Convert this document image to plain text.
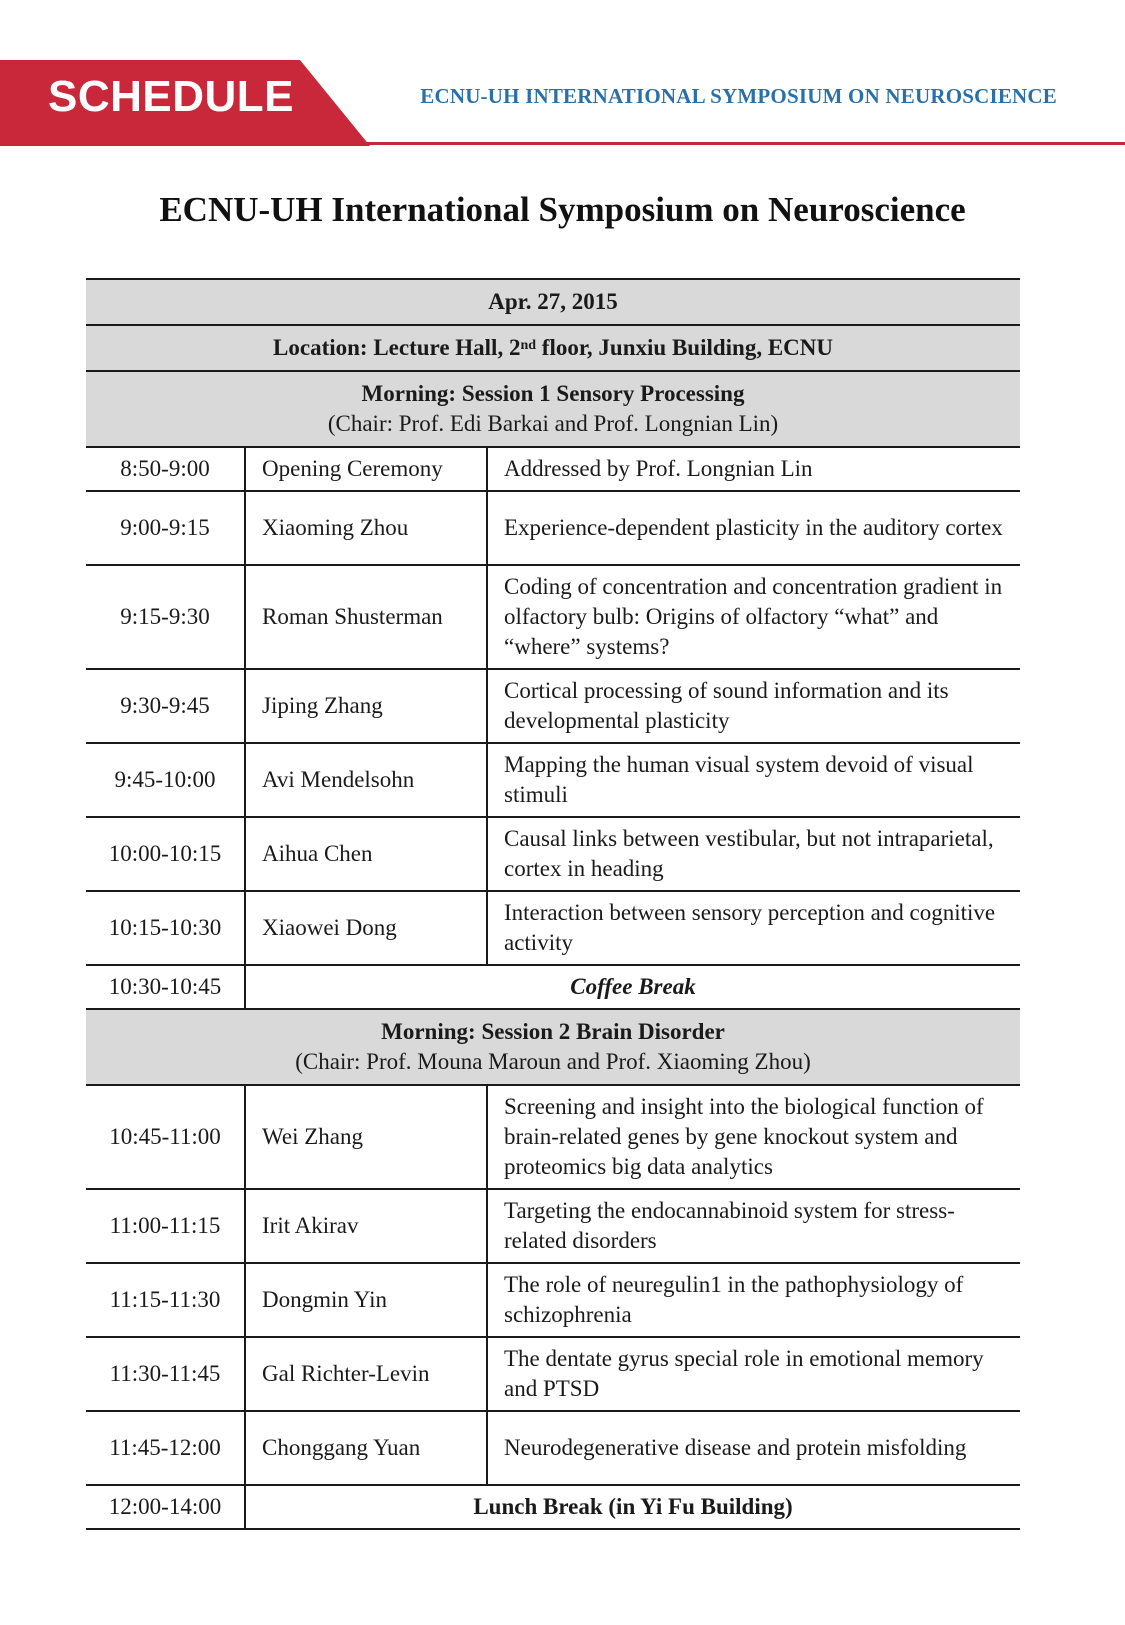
SCHEDULE	ECNU-UH INTERNATIONAL SYMPOSIUM ON NEUROSCIENCE
ECNU-UH International Symposium on Neuroscience
Apr. 27, 2015		
Location: Lecture Hall, 2nd floor, Junxiu Building, ECNU		

Morning: Session 1 Sensory Processing
(Chair: Prof. Edi Barkai and Prof. Longnian Lin)		

8:50-9:00	Opening Ceremony	Addressed by Prof. Longnian Lin
9:00-9:15	Xiaoming Zhou	Experience-dependent plasticity in the auditory cortex
9:15-9:30	Roman Shusterman	Coding of concentration and concentration gradient in olfactory bulb: Origins of olfactory “what” and “where” systems?
9:30-9:45	Jiping Zhang	Cortical processing of sound information and its developmental plasticity
9:45-10:00	Avi Mendelsohn	Mapping the human visual system devoid of visual stimuli
10:00-10:15	Aihua Chen	Causal links between vestibular, but not intraparietal, cortex in heading
10:15-10:30	Xiaowei Dong	Interaction between sensory perception and cognitive activity
10:30-10:45	Coffee Break	

Morning: Session 2 Brain Disorder
(Chair: Prof. Mouna Maroun and Prof. Xiaoming Zhou)		

10:45-11:00	Wei Zhang	Screening and insight into the biological function of brain-related genes by gene knockout system and proteomics big data analytics
11:00-11:15	Irit Akirav	Targeting the endocannabinoid system for stress-related disorders
11:15-11:30	Dongmin Yin	The role of neuregulin1 in the pathophysiology of schizophrenia
11:30-11:45	Gal Richter-Levin	The dentate gyrus special role in emotional memory and PTSD
11:45-12:00	Chonggang Yuan	Neurodegenerative disease and protein misfolding
12:00-14:00	Lunch Break (in Yi Fu Building)	
